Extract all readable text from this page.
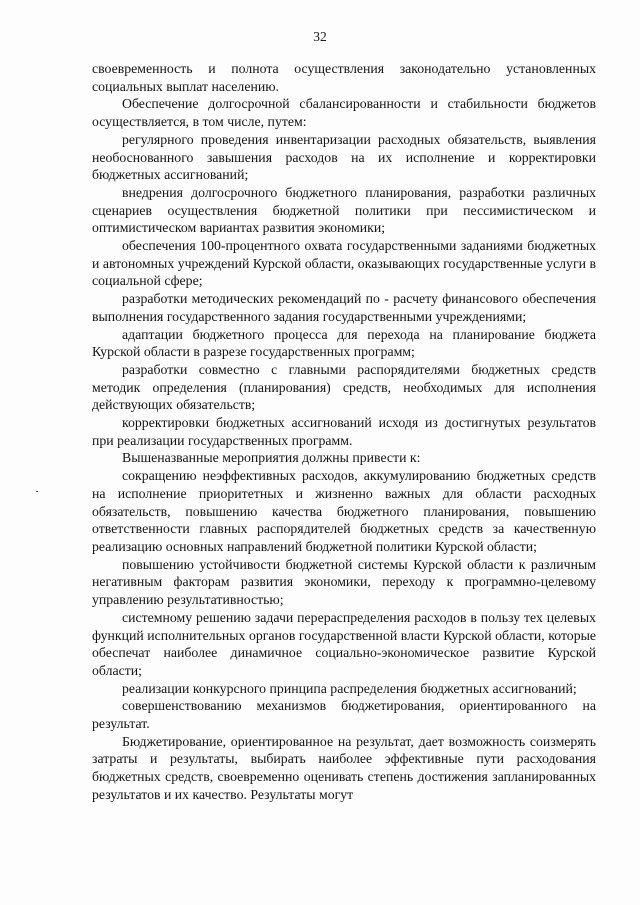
32

своевременность и полнота осуществления законодательно установленных социальных выплат населению.

Обеспечение долгосрочной сбалансированности и стабильности бюджетов осуществляется, в том числе, путем:

регулярного проведения инвентаризации расходных обязательств, выявления необоснованного завышения расходов на их исполнение и корректировки бюджетных ассигнований;

внедрения долгосрочного бюджетного планирования, разработки различных сценариев осуществления бюджетной политики при пессимистическом и оптимистическом вариантах развития экономики;

обеспечения 100-процентного охвата государственными заданиями бюджетных и автономных учреждений Курской области, оказывающих государственные услуги в социальной сфере;

разработки методических рекомендаций по - расчету финансового обеспечения выполнения государственного задания государственными учреждениями;

адаптации бюджетного процесса для перехода на планирование бюджета Курской области в разрезе государственных программ;

разработки совместно с главными распорядителями бюджетных средств методик определения (планирования) средств, необходимых для исполнения действующих обязательств;

корректировки бюджетных ассигнований исходя из достигнутых результатов при реализации государственных программ.

Вышеназванные мероприятия должны привести к:

сокращению неэффективных расходов, аккумулированию бюджетных средств на исполнение приоритетных и жизненно важных для области расходных обязательств, повышению качества бюджетного планирования, повышению ответственности главных распорядителей бюджетных средств за качественную реализацию основных направлений бюджетной политики Курской области;

повышению устойчивости бюджетной системы Курской области к различным негативным факторам развития экономики, переходу к программно-целевому управлению результативностью;

системному решению задачи перераспределения расходов в пользу тех целевых функций исполнительных органов государственной власти Курской области, которые обеспечат наиболее динамичное социально-экономическое развитие Курской области;

реализации конкурсного принципа распределения бюджетных ассигнований;

совершенствованию механизмов бюджетирования, ориентированного на результат.

Бюджетирование, ориентированное на результат, дает возможность соизмерять затраты и результаты, выбирать наиболее эффективные пути расходования бюджетных средств, своевременно оценивать степень достижения запланированных результатов и их качество. Результаты могут
